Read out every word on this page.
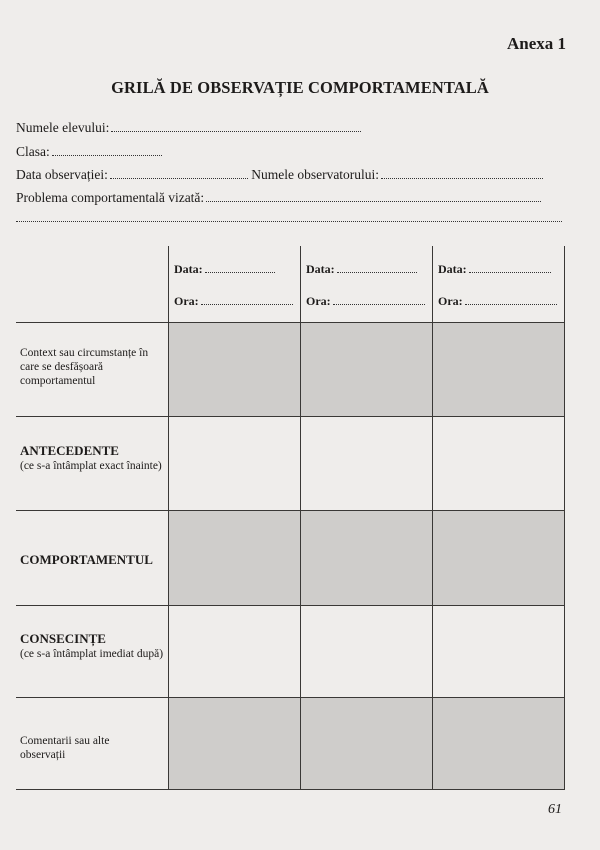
Anexa 1
GRILĂ DE OBSERVAȚIE COMPORTAMENTALĂ
Numele elevului:
Clasa:
Data observației:	Numele observatorului:
Problema comportamentală vizată:
Data:
Ora:
Data:
Ora:
Data:
Ora:
Context sau circumstanțe în care se desfășoară comportamentul
ANTECEDENTE
(ce s-a întâmplat exact înainte)
COMPORTAMENTUL
CONSECINȚE
(ce s-a întâmplat imediat după)
Comentarii sau alte observații
61
